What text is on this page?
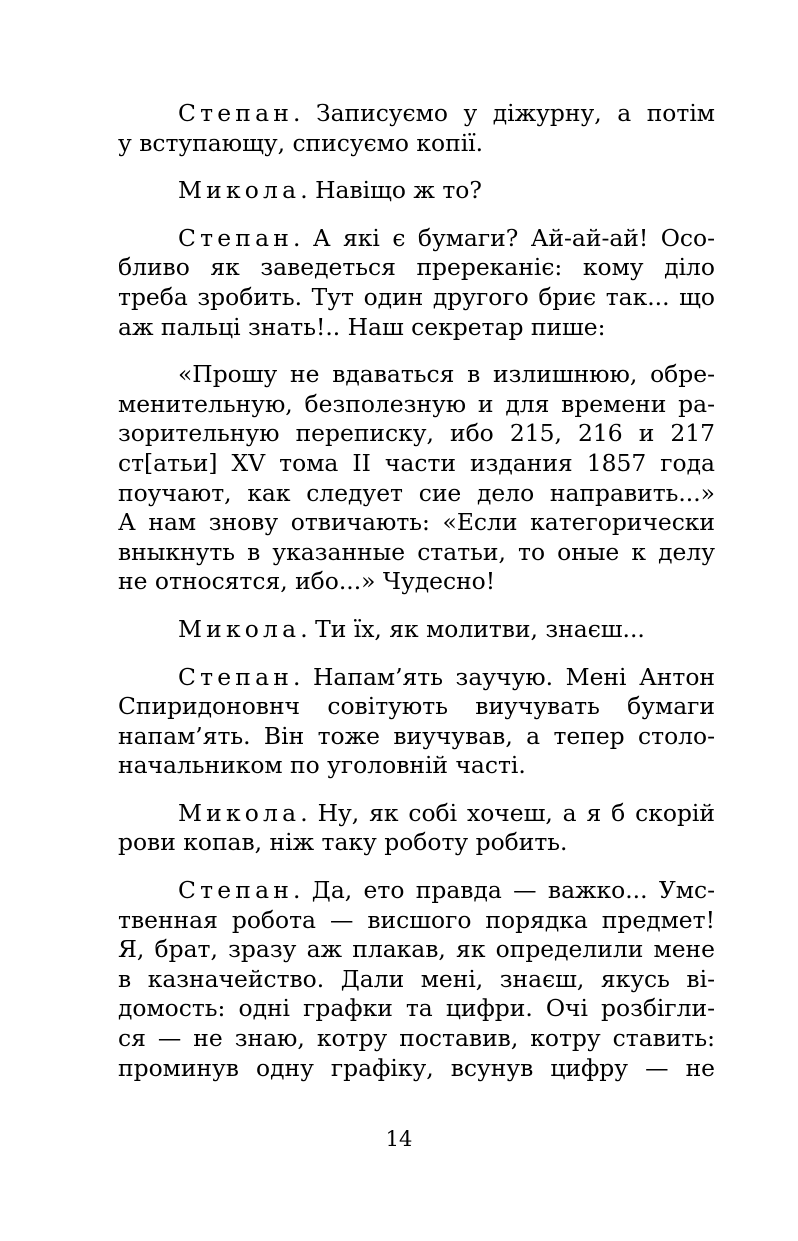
Степан. Записуємо у діжурну, а потім
у вступающу, списуємо копії.
Микола. Навіщо ж то?
Степан. А які є бумаги? Ай-ай-ай! Осо-
бливо як заведеться пререканіє: кому діло
треба зробить. Тут один другого бриє так... що
аж пальці знать!.. Наш секретар пише:
«Прошу не вдаваться в излишнюю, обре-
менительную, безполезную и для времени ра-
зорительную переписку, ибо 215, 216 и 217
ст[атьи] XV тома II части издания 1857 года
поучают, как следует сие дело направить...»
А нам знову отвичають: «Если категорически
вныкнуть в указанные статьи, то оные к делу
не относятся, ибо...» Чудесно!
Микола. Ти їх, як молитви, знаєш...
Степан. Напам’ять заучую. Мені Антон
Спиридоновнч совітують виучувать бумаги
напам’ять. Він тоже виучував, а тепер столо-
начальником по уголовній часті.
Микола. Ну, як собі хочеш, а я б скорій
рови копав, ніж таку роботу робить.
Степан. Да, ето правда — важко... Умс-
твенная робота — висшого порядка предмет!
Я, брат, зразу аж плакав, як определили мене
в казначейство. Дали мені, знаєш, якусь ві-
домость: одні графки та цифри. Очі розбігли-
ся — не знаю, котру поставив, котру ставить:
проминув одну графіку, всунув цифру — не
14
